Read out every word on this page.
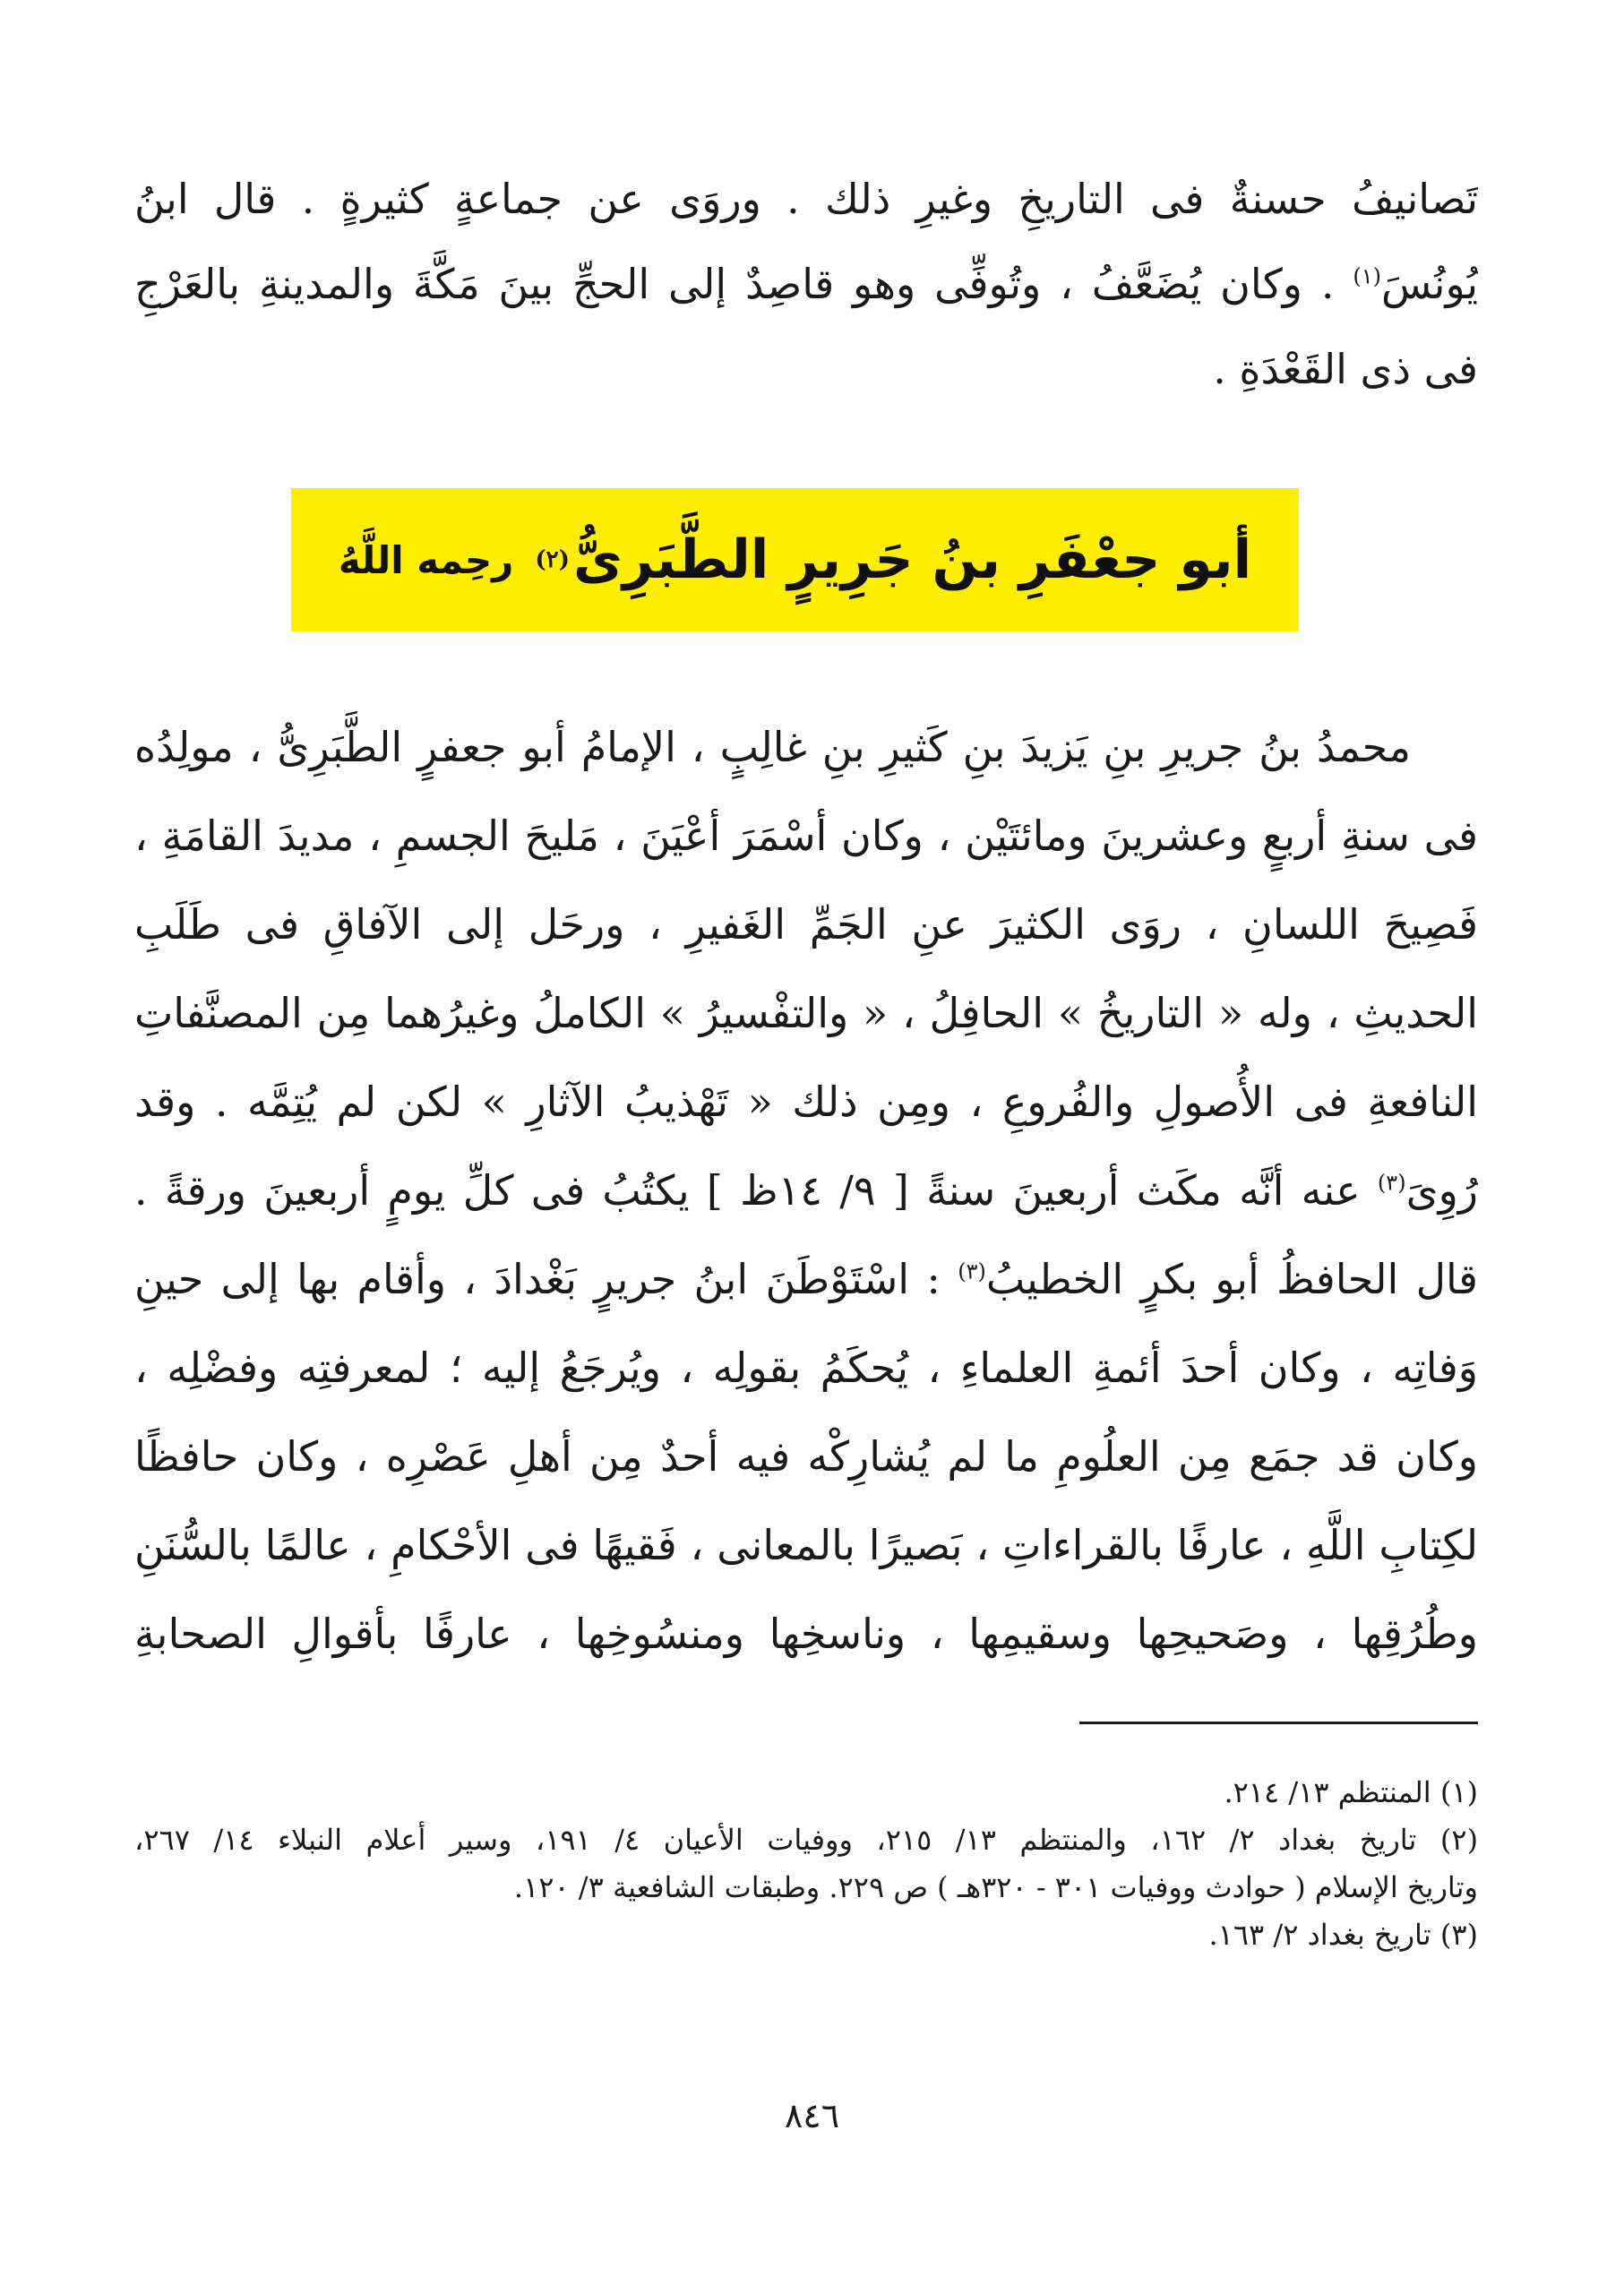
تَصانيفُ حسنةٌ فى التاريخِ وغيرِ ذلك . وروَى عن جماعةٍ كثيرةٍ . قال ابنُ
يُونُسَ$^{(١)}$ . وكان يُضَعَّفُ ، وتُوفِّى وهو قاصِدٌ إلى الحجِّ بينَ مَكَّةَ والمدينةِ بالعَرْجِ
فى ذى القَعْدَةِ .
أبو جعْفَرِ بنُ جَرِيرٍ الطَّبَرِىُّ
(٢)
رحِمه اللَّهُ
محمدُ بنُ جريرِ بنِ يَزيدَ بنِ كَثيرِ بنِ غالِبٍ ، الإمامُ أبو جعفرٍ الطَّبَرِىُّ ، مولِدُه
فى سنةِ أربعٍ وعشرينَ ومائتَيْن ، وكان أسْمَرَ أعْيَنَ ، مَليحَ الجسمِ ، مديدَ القامَةِ ،
فَصِيحَ اللسانِ ، روَى الكثيرَ عنِ الجَمِّ الغَفيرِ ، ورحَل إلى الآفاقِ فى طَلَبِ
الحديثِ ، وله « التاريخُ » الحافِلُ ، « والتفْسيرُ » الكاملُ وغيرُهما مِن المصنَّفاتِ
النافعةِ فى الأُصولِ والفُروعِ ، ومِن ذلك « تَهْذيبُ الآثارِ » لكن لم يُتِمَّه . وقد
رُوِىَ$^{(٣)}$ عنه أنَّه مكَث أربعينَ سنةً [ ٩/ ١٤ظ ] يكتُبُ فى كلِّ يومٍ أربعينَ ورقةً .
قال الحافظُ أبو بكرٍ الخطيبُ$^{(٣)}$ : اسْتَوْطَنَ ابنُ جريرٍ بَغْدادَ ، وأقام بها إلى حينِ
وَفاتِه ، وكان أحدَ أئمةِ العلماءِ ، يُحكَمُ بقولِه ، ويُرجَعُ إليه ؛ لمعرفتِه وفضْلِه ،
وكان قد جمَع مِن العلُومِ ما لم يُشارِكْه فيه أحدٌ مِن أهلِ عَصْرِه ، وكان حافظًا
لكِتابِ اللَّهِ ، عارفًا بالقراءاتِ ، بَصيرًا بالمعانى ، فَقيهًا فى الأحْكامِ ، عالمًا بالسُّنَنِ
وطُرُقِها ، وصَحيحِها وسقيمِها ، وناسخِها ومنسُوخِها ، عارفًا بأقوالِ الصحابةِ
(١) المنتظم ١٣/ ٢١٤.
(٢) تاريخ بغداد ٢/ ١٦٢، والمنتظم ١٣/ ٢١٥، ووفيات الأعيان ٤/ ١٩١، وسير أعلام النبلاء ١٤/ ٢٦٧،
وتاريخ الإسلام ( حوادث ووفيات ٣٠١ - ٣٢٠هـ ) ص ٢٢٩. وطبقات الشافعية ٣/ ١٢٠.
(٣) تاريخ بغداد ٢/ ١٦٣.
٨٤٦
